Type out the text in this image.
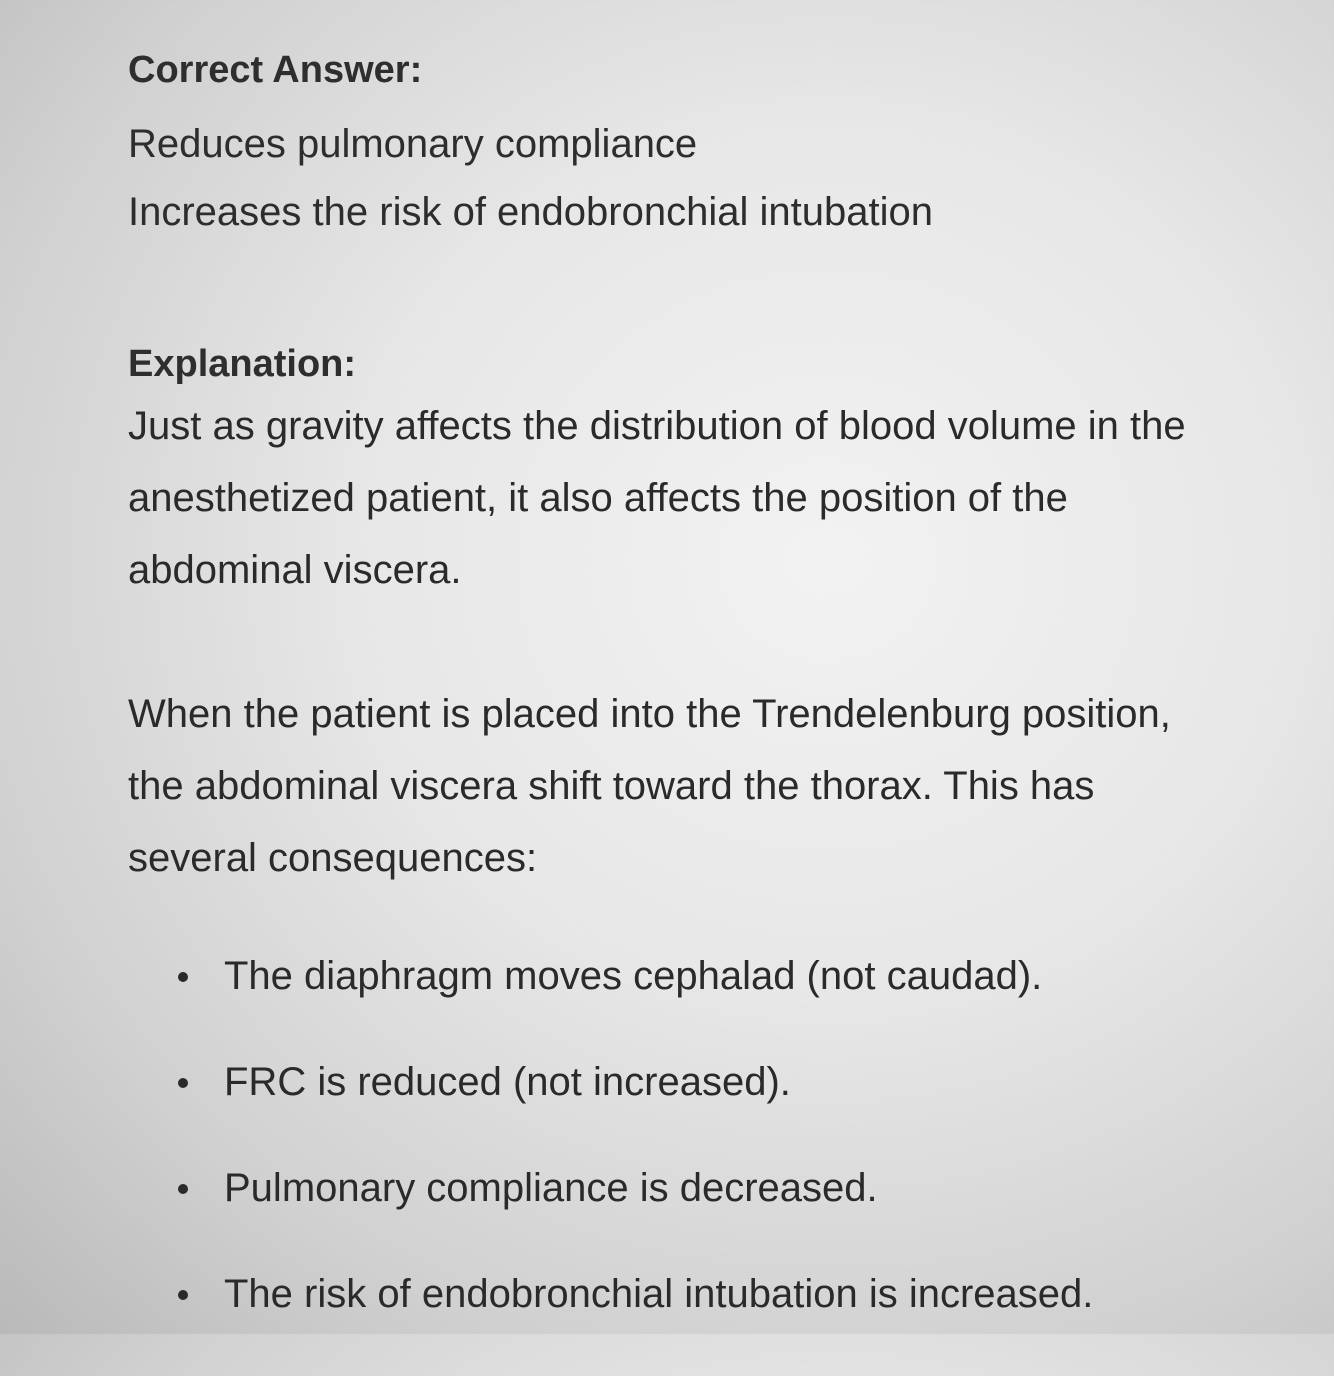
Correct Answer:

Reduces pulmonary compliance

Increases the risk of endobronchial intubation

Explanation:

Just as gravity affects the distribution of blood volume in the anesthetized patient, it also affects the position of the abdominal viscera.

When the patient is placed into the Trendelenburg position, the abdominal viscera shift toward the thorax. This has several consequences:

The diaphragm moves cephalad (not caudad).
FRC is reduced (not increased).
Pulmonary compliance is decreased.
The risk of endobronchial intubation is increased.
